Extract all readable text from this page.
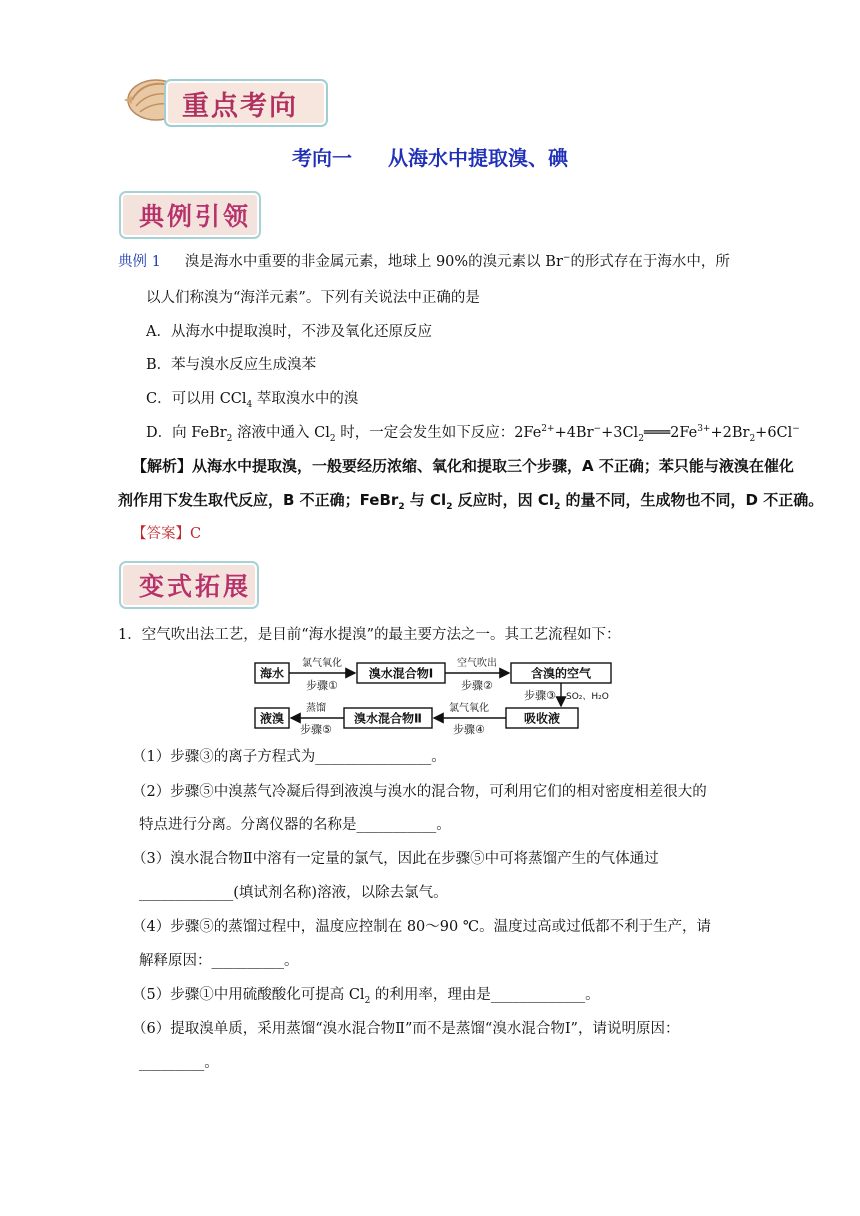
重点考向
考向一 从海水中提取溴、碘
典例引领
典例 1 溴是海水中重要的非金属元素，地球上 90%的溴元素以 Br−的形式存在于海水中，所
以人们称溴为“海洋元素”。下列有关说法中正确的是
A．从海水中提取溴时，不涉及氧化还原反应
B．苯与溴水反应生成溴苯
C．可以用 CCl$_4$ 萃取溴水中的溴
D．向 FeBr$_2$ 溶液中通入 $Cl_2$ 时，一定会发生如下反应：$2Fe^{2+}+4Br^-+3Cl_2═══2Fe^{3+}+2Br_2+6Cl^-$
【解析】从海水中提取溴，一般要经历浓缩、氧化和提取三个步骤，A 不正确；苯只能与液溴在催化
剂作用下发生取代反应，B 不正确；FeBr$_2$ 与 $Cl_2$ 反应时，因 $Cl_2$ 的量不同，生成物也不同，D 不正确。
【答案】C
变式拓展
1．空气吹出法工艺，是目前“海水提溴”的最主要方法之一。其工艺流程如下：
海水	溴水混合物Ⅰ	含溴的空气
吸收液
溴水混合物Ⅱ
液溴
氯气氧化
步骤①
空气吹出
步骤②
步骤③ SO₂、H₂O
氯气氧化
步骤④
蒸馏
步骤⑤
（1）步骤③的离子方程式为________________。
（2）步骤⑤中溴蒸气冷凝后得到液溴与溴水的混合物，可利用它们的相对密度相差很大的
特点进行分离。分离仪器的名称是___________。
（3）溴水混合物Ⅱ中溶有一定量的氯气，因此在步骤⑤中可将蒸馏产生的气体通过
_____________(填试剂名称)溶液，以除去氯气。
（4）步骤⑤的蒸馏过程中，温度应控制在 80～90 ℃。温度过高或过低都不利于生产，请
解释原因：__________。
（5）步骤①中用硫酸酸化可提高 $Cl_2$ 的利用率，理由是_____________。
（6）提取溴单质，采用蒸馏“溴水混合物Ⅱ”而不是蒸馏“溴水混合物Ⅰ”，请说明原因：
_________。
